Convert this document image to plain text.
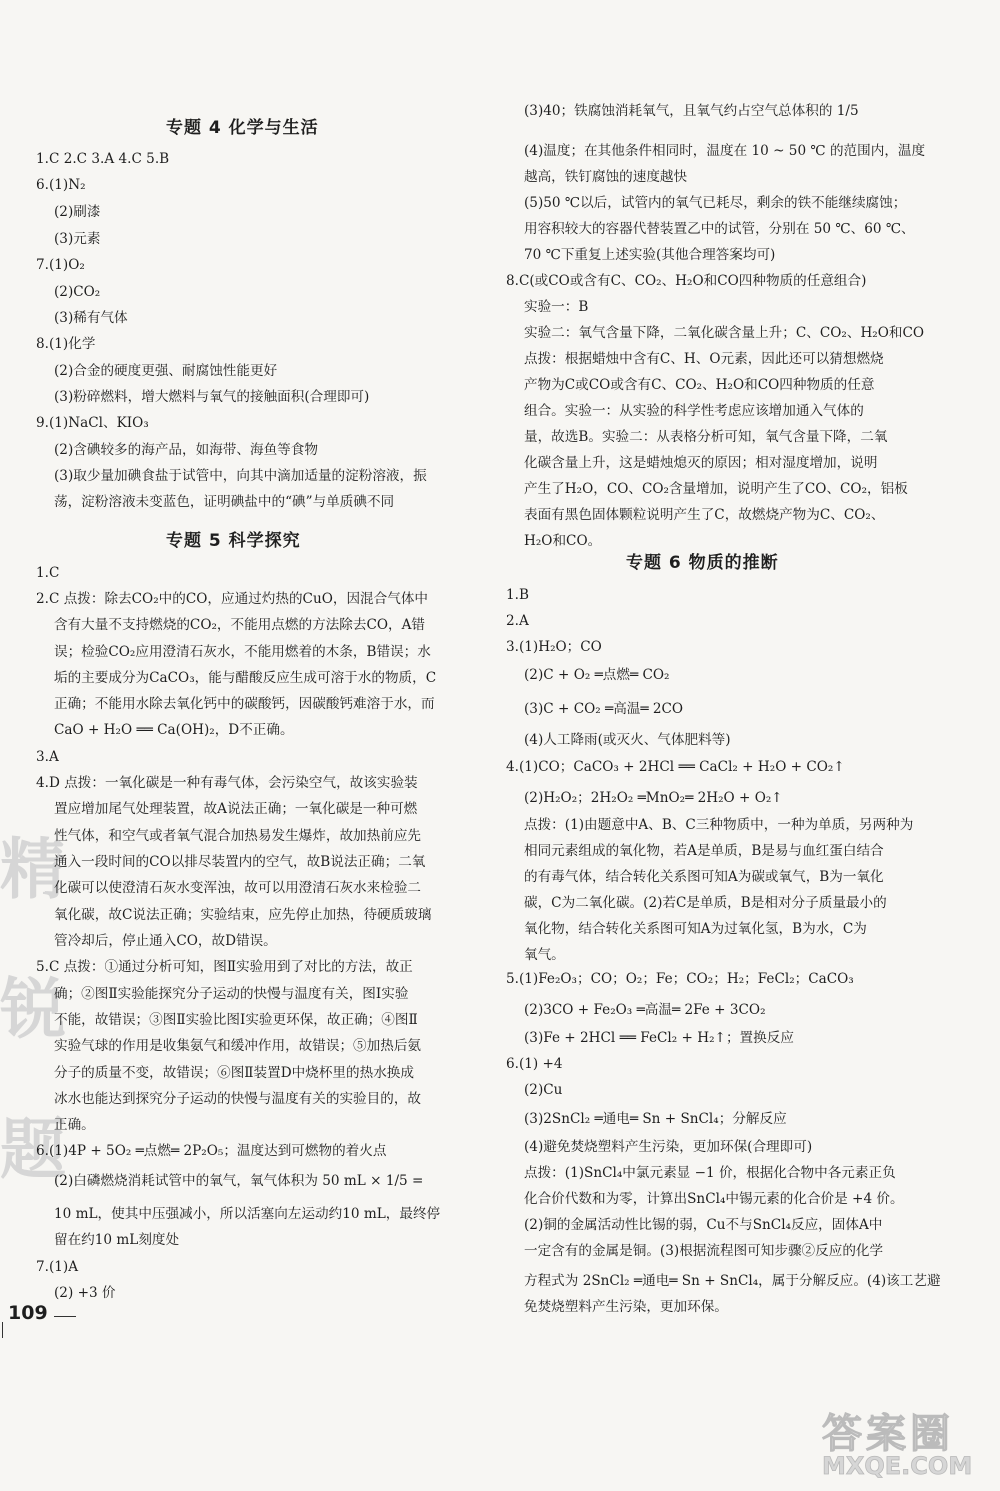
精
锐
题
专题 4 化学与生活
1.C 2.C 3.A 4.C 5.B
6.(1)N₂
(2)刷漆
(3)元素
7.(1)O₂
(2)CO₂
(3)稀有气体
8.(1)化学
(2)合金的硬度更强、耐腐蚀性能更好
(3)粉碎燃料，增大燃料与氧气的接触面积(合理即可)
9.(1)NaCl、KIO₃
(2)含碘较多的海产品，如海带、海鱼等食物
(3)取少量加碘食盐于试管中，向其中滴加适量的淀粉溶液，振
荡，淀粉溶液未变蓝色，证明碘盐中的“碘”与单质碘不同
专题 5 科学探究
1.C
2.C 点拨：除去CO₂中的CO，应通过灼热的CuO，因混合气体中
含有大量不支持燃烧的CO₂，不能用点燃的方法除去CO，A错
误；检验CO₂应用澄清石灰水，不能用燃着的木条，B错误；水
垢的主要成分为CaCO₃，能与醋酸反应生成可溶于水的物质，C
正确；不能用水除去氧化钙中的碳酸钙，因碳酸钙难溶于水，而
CaO + H₂O ══ Ca(OH)₂，D不正确。
3.A
4.D 点拨：一氧化碳是一种有毒气体，会污染空气，故该实验装
置应增加尾气处理装置，故A说法正确；一氧化碳是一种可燃
性气体，和空气或者氧气混合加热易发生爆炸，故加热前应先
通入一段时间的CO以排尽装置内的空气，故B说法正确；二氧
化碳可以使澄清石灰水变浑浊，故可以用澄清石灰水来检验二
氧化碳，故C说法正确；实验结束，应先停止加热，待硬质玻璃
管冷却后，停止通入CO，故D错误。
5.C 点拨：①通过分析可知，图Ⅱ实验用到了对比的方法，故正
确；②图Ⅱ实验能探究分子运动的快慢与温度有关，图Ⅰ实验
不能，故错误；③图Ⅱ实验比图Ⅰ实验更环保，故正确；④图Ⅱ
实验气球的作用是收集氨气和缓冲作用，故错误；⑤加热后氨
分子的质量不变，故错误；⑥图Ⅱ装置D中烧杯里的热水换成
冰水也能达到探究分子运动的快慢与温度有关的实验目的，故
正确。
6.(1)4P + 5O₂ ═点燃═ 2P₂O₅；温度达到可燃物的着火点
(2)白磷燃烧消耗试管中的氧气，氧气体积为 50 mL × 1/5 =
10 mL，使其中压强减小，所以活塞向左运动约10 mL，最终停
留在约10 mL刻度处
7.(1)A
(2) +3 价
(3)40；铁腐蚀消耗氧气，且氧气约占空气总体积的 1/5
(4)温度；在其他条件相同时，温度在 10 ~ 50 ℃ 的范围内，温度
越高，铁钉腐蚀的速度越快
(5)50 ℃以后，试管内的氧气已耗尽，剩余的铁不能继续腐蚀；
用容积较大的容器代替装置乙中的试管，分别在 50 ℃、60 ℃、
70 ℃下重复上述实验(其他合理答案均可)
8.C(或CO或含有C、CO₂、H₂O和CO四种物质的任意组合)
实验一：B
实验二：氧气含量下降，二氧化碳含量上升；C、CO₂、H₂O和CO
点拨：根据蜡烛中含有C、H、O元素，因此还可以猜想燃烧
产物为C或CO或含有C、CO₂、H₂O和CO四种物质的任意
组合。实验一：从实验的科学性考虑应该增加通入气体的
量，故选B。实验二：从表格分析可知，氧气含量下降，二氧
化碳含量上升，这是蜡烛熄灭的原因；相对湿度增加，说明
产生了H₂O，CO、CO₂含量增加，说明产生了CO、CO₂，铝板
表面有黑色固体颗粒说明产生了C，故燃烧产物为C、CO₂、
H₂O和CO。
专题 6 物质的推断
1.B
2.A
3.(1)H₂O；CO
(2)C + O₂ ═点燃═ CO₂
(3)C + CO₂ ═高温═ 2CO
(4)人工降雨(或灭火、气体肥料等)
4.(1)CO；CaCO₃ + 2HCl ══ CaCl₂ + H₂O + CO₂↑
(2)H₂O₂；2H₂O₂ ═MnO₂═ 2H₂O + O₂↑
点拨：(1)由题意中A、B、C三种物质中，一种为单质，另两种为
相同元素组成的氧化物，若A是单质，B是易与血红蛋白结合
的有毒气体，结合转化关系图可知A为碳或氧气，B为一氧化
碳，C为二氧化碳。(2)若C是单质，B是相对分子质量最小的
氧化物，结合转化关系图可知A为过氧化氢，B为水，C为
氧气。
5.(1)Fe₂O₃；CO；O₂；Fe；CO₂；H₂；FeCl₂；CaCO₃
(2)3CO + Fe₂O₃ ═高温═ 2Fe + 3CO₂
(3)Fe + 2HCl ══ FeCl₂ + H₂↑；置换反应
6.(1) +4
(2)Cu
(3)2SnCl₂ ═通电═ Sn + SnCl₄；分解反应
(4)避免焚烧塑料产生污染，更加环保(合理即可)
点拨：(1)SnCl₄中氯元素显 −1 价，根据化合物中各元素正负
化合价代数和为零，计算出SnCl₄中锡元素的化合价是 +4 价。
(2)铜的金属活动性比锡的弱，Cu不与SnCl₄反应，固体A中
一定含有的金属是铜。(3)根据流程图可知步骤②反应的化学
方程式为 2SnCl₂ ═通电═ Sn + SnCl₄，属于分解反应。(4)该工艺避
免焚烧塑料产生污染，更加环保。
109
答案圈
MXQE.COM
